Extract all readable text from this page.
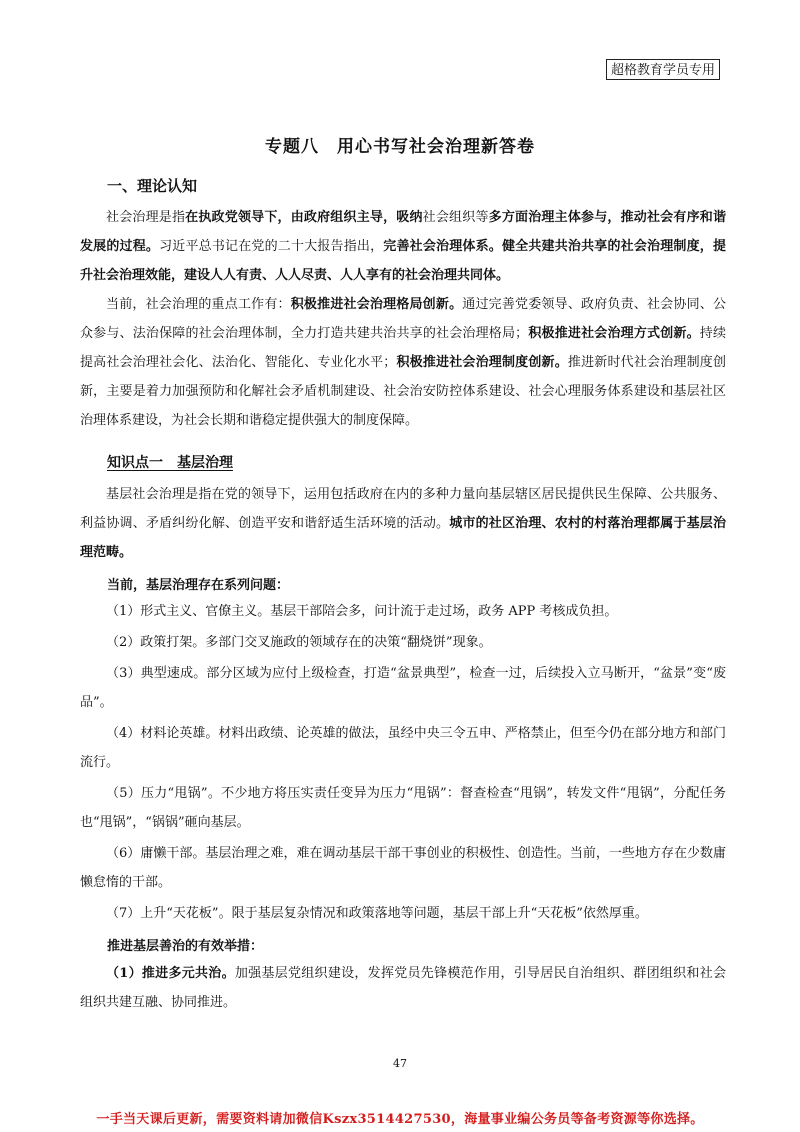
超格教育学员专用
专题八　用心书写社会治理新答卷
一、理论认知

社会治理是指在执政党领导下，由政府组织主导，吸纳社会组织等多方面治理主体参与，推动社会有序和谐发展的过程。习近平总书记在党的二十大报告指出，完善社会治理体系。健全共建共治共享的社会治理制度，提升社会治理效能，建设人人有责、人人尽责、人人享有的社会治理共同体。

当前，社会治理的重点工作有：积极推进社会治理格局创新。通过完善党委领导、政府负责、社会协同、公众参与、法治保障的社会治理体制，全力打造共建共治共享的社会治理格局；积极推进社会治理方式创新。持续提高社会治理社会化、法治化、智能化、专业化水平；积极推进社会治理制度创新。推进新时代社会治理制度创新，主要是着力加强预防和化解社会矛盾机制建设、社会治安防控体系建设、社会心理服务体系建设和基层社区治理体系建设，为社会长期和谐稳定提供强大的制度保障。

知识点一　基层治理

基层社会治理是指在党的领导下，运用包括政府在内的多种力量向基层辖区居民提供民生保障、公共服务、利益协调、矛盾纠纷化解、创造平安和谐舒适生活环境的活动。城市的社区治理、农村的村落治理都属于基层治理范畴。

当前，基层治理存在系列问题：

（1）形式主义、官僚主义。基层干部陪会多，问计流于走过场，政务 APP 考核成负担。

（2）政策打架。多部门交叉施政的领域存在的决策“翻烧饼”现象。

（3）典型速成。部分区域为应付上级检查，打造“盆景典型”，检查一过，后续投入立马断开，“盆景”变“废品”。

（4）材料论英雄。材料出政绩、论英雄的做法，虽经中央三令五申、严格禁止，但至今仍在部分地方和部门流行。

（5）压力“甩锅”。不少地方将压实责任变异为压力“甩锅”：督查检查“甩锅”，转发文件“甩锅”，分配任务也“甩锅”，“锅锅”砸向基层。

（6）庸懒干部。基层治理之难，难在调动基层干部干事创业的积极性、创造性。当前，一些地方存在少数庸懒怠惰的干部。

（7）上升“天花板”。限于基层复杂情况和政策落地等问题，基层干部上升“天花板”依然厚重。

推进基层善治的有效举措：

（1）推进多元共治。加强基层党组织建设，发挥党员先锋模范作用，引导居民自治组织、群团组织和社会组织共建互融、协同推进。

47
一手当天课后更新，需要资料请加微信Kszx3514427530，海量事业编公务员等备考资源等你选择。
